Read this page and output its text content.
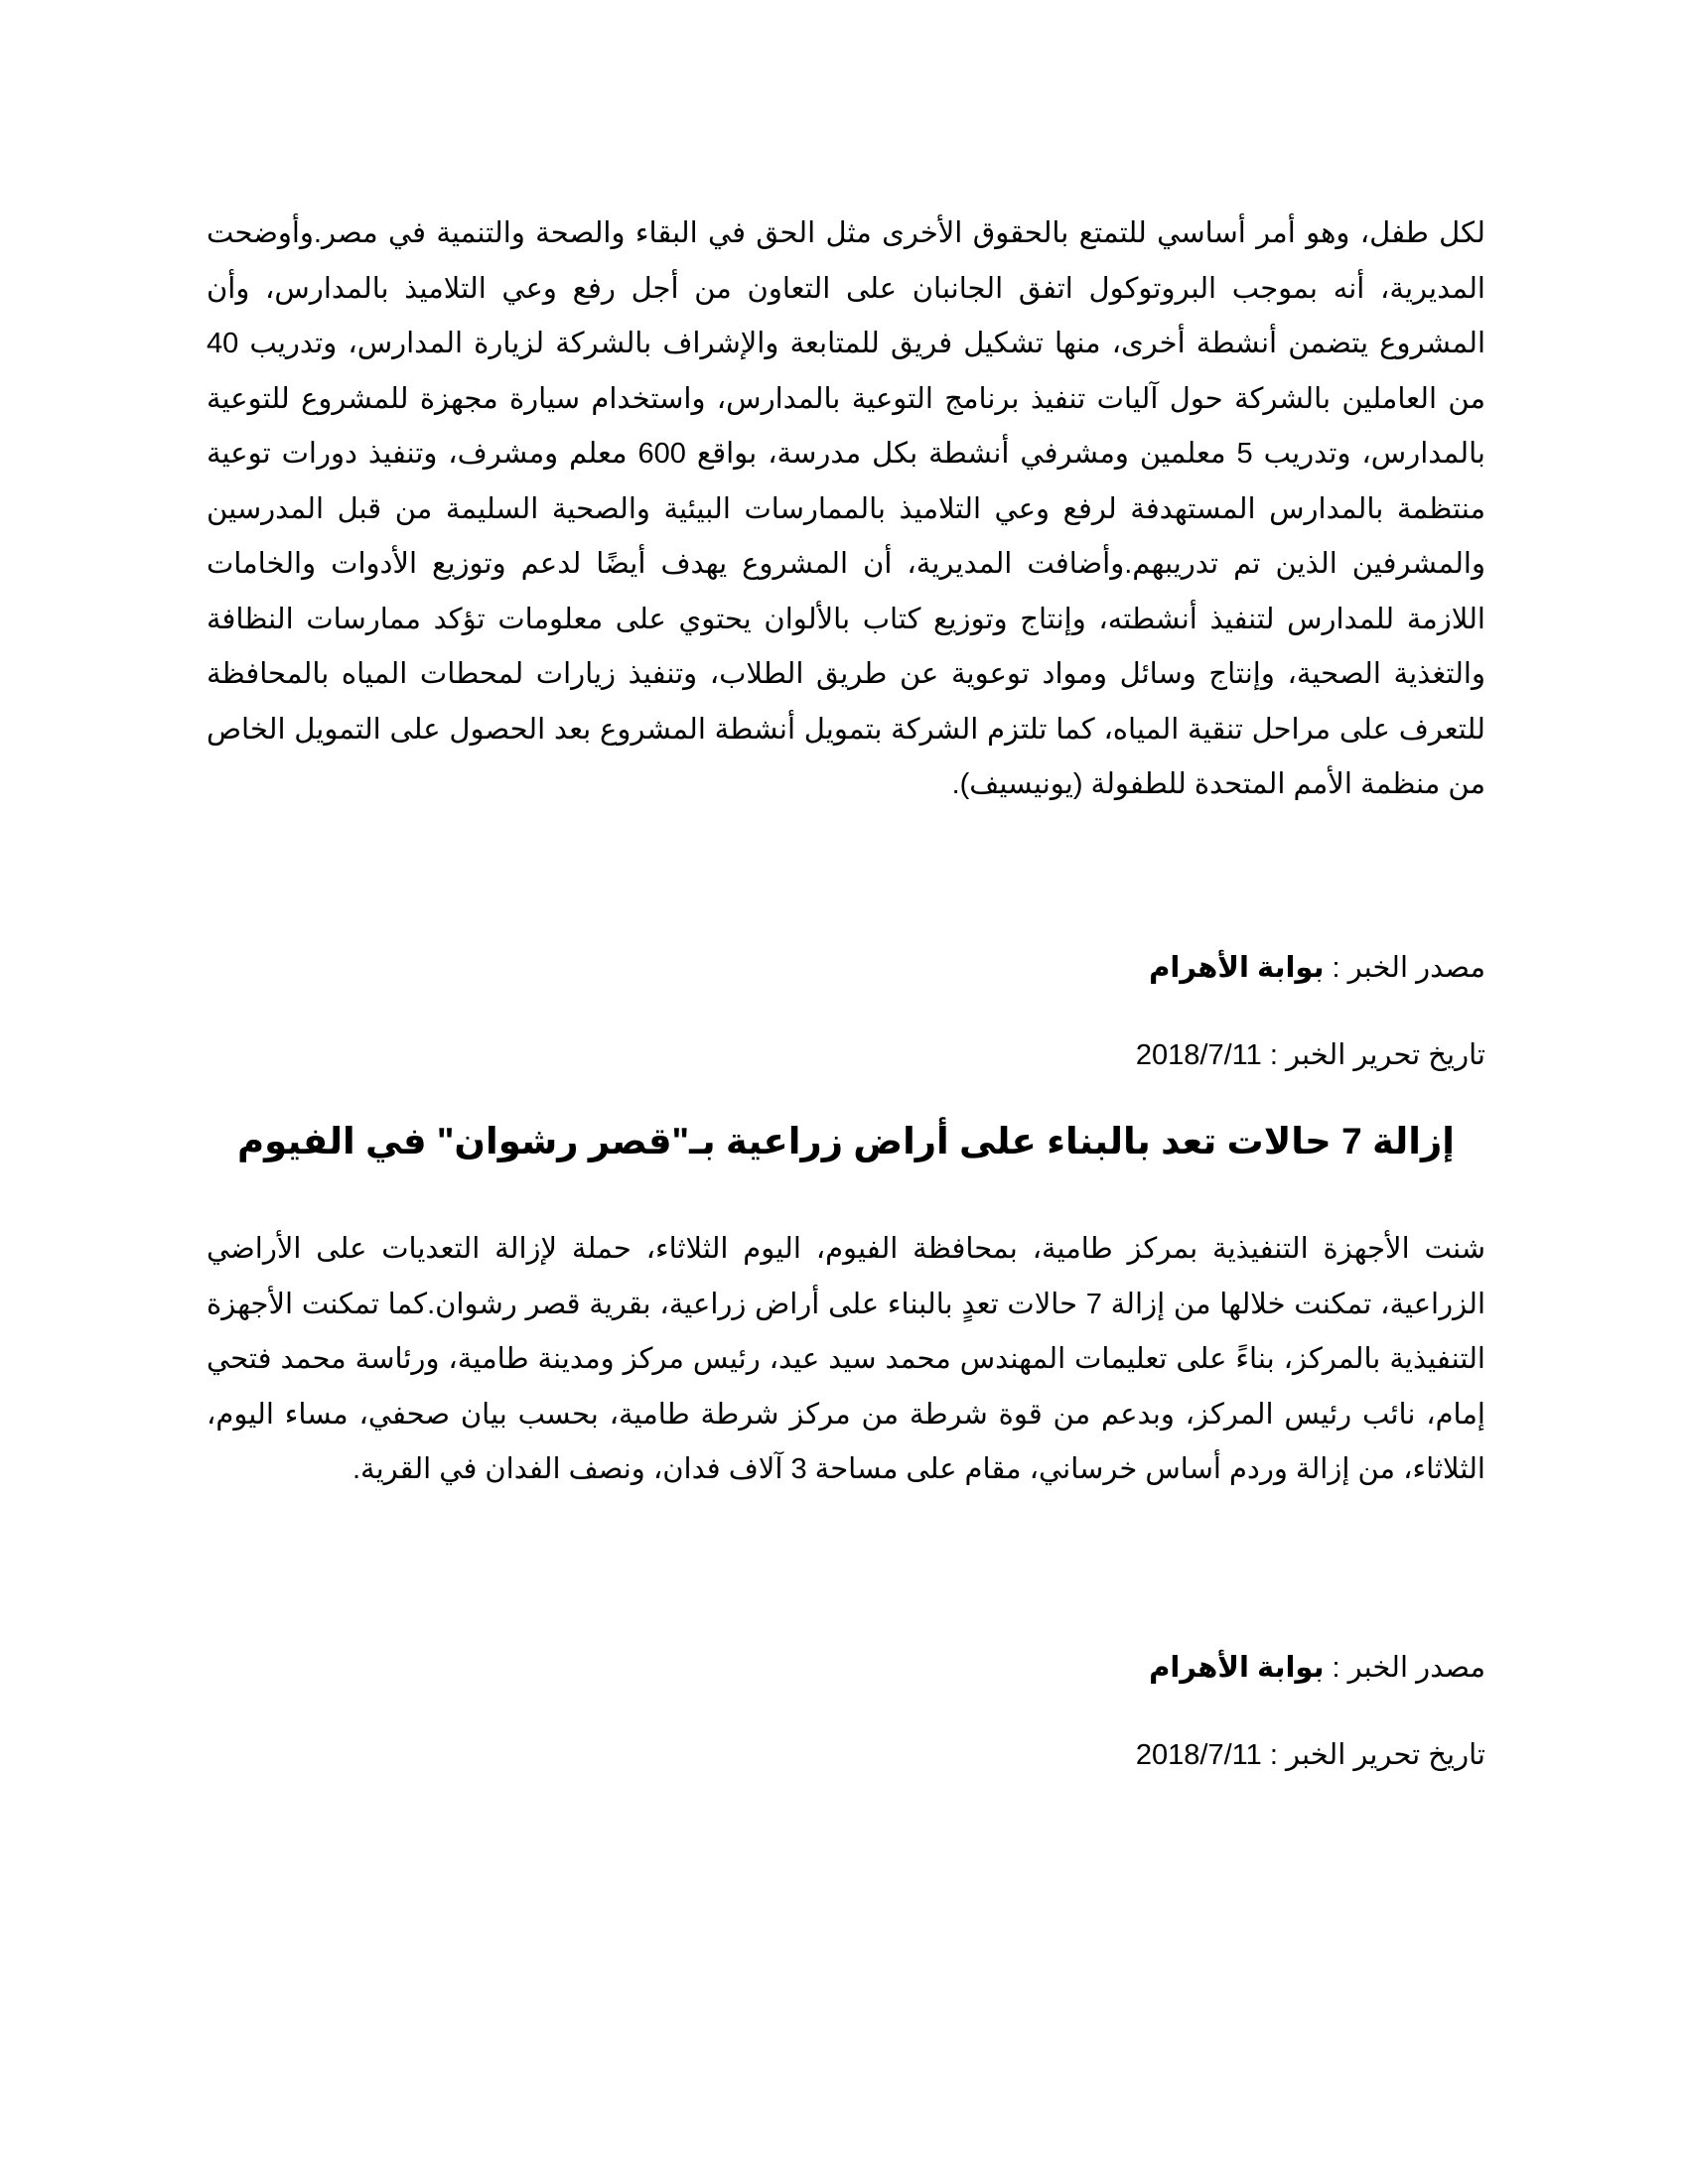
لكل طفل، وهو أمر أساسي للتمتع بالحقوق الأخرى مثل الحق في البقاء والصحة والتنمية في مصر.وأوضحت المديرية، أنه بموجب البروتوكول اتفق الجانبان على التعاون من أجل رفع وعي التلاميذ بالمدارس، وأن المشروع يتضمن أنشطة أخرى، منها تشكيل فريق للمتابعة والإشراف بالشركة لزيارة المدارس، وتدريب 40 من العاملين بالشركة حول آليات تنفيذ برنامج التوعية بالمدارس، واستخدام سيارة مجهزة للمشروع للتوعية بالمدارس، وتدريب 5 معلمين ومشرفي أنشطة بكل مدرسة، بواقع 600 معلم ومشرف، وتنفيذ دورات توعية منتظمة بالمدارس المستهدفة لرفع وعي التلاميذ بالممارسات البيئية والصحية السليمة من قبل المدرسين والمشرفين الذين تم تدريبهم.وأضافت المديرية، أن المشروع يهدف أيضًا لدعم وتوزيع الأدوات والخامات اللازمة للمدارس لتنفيذ أنشطته، وإنتاج وتوزيع كتاب بالألوان يحتوي على معلومات تؤكد ممارسات النظافة والتغذية الصحية، وإنتاج وسائل ومواد توعوية عن طريق الطلاب، وتنفيذ زيارات لمحطات المياه بالمحافظة للتعرف على مراحل تنقية المياه، كما تلتزم الشركة بتمويل أنشطة المشروع بعد الحصول على التمويل الخاص من منظمة الأمم المتحدة للطفولة (يونيسيف).

مصدر الخبر : بوابة الأهرام
تاريخ تحرير الخبر : 2018/7/11
إزالة 7 حالات تعد بالبناء على أراض زراعية بـ"قصر رشوان" في الفيوم

شنت الأجهزة التنفيذية بمركز طامية، بمحافظة الفيوم، اليوم الثلاثاء، حملة لإزالة التعديات على الأراضي الزراعية، تمكنت خلالها من إزالة 7 حالات تعدٍ بالبناء على أراض زراعية، بقرية قصر رشوان.كما تمكنت الأجهزة التنفيذية بالمركز، بناءً على تعليمات المهندس محمد سيد عيد، رئيس مركز ومدينة طامية، ورئاسة محمد فتحي إمام، نائب رئيس المركز، وبدعم من قوة شرطة من مركز شرطة طامية، بحسب بيان صحفي، مساء اليوم، الثلاثاء، من إزالة وردم أساس خرساني، مقام على مساحة 3 آلاف فدان، ونصف الفدان في القرية.

مصدر الخبر : بوابة الأهرام
تاريخ تحرير الخبر : 2018/7/11
